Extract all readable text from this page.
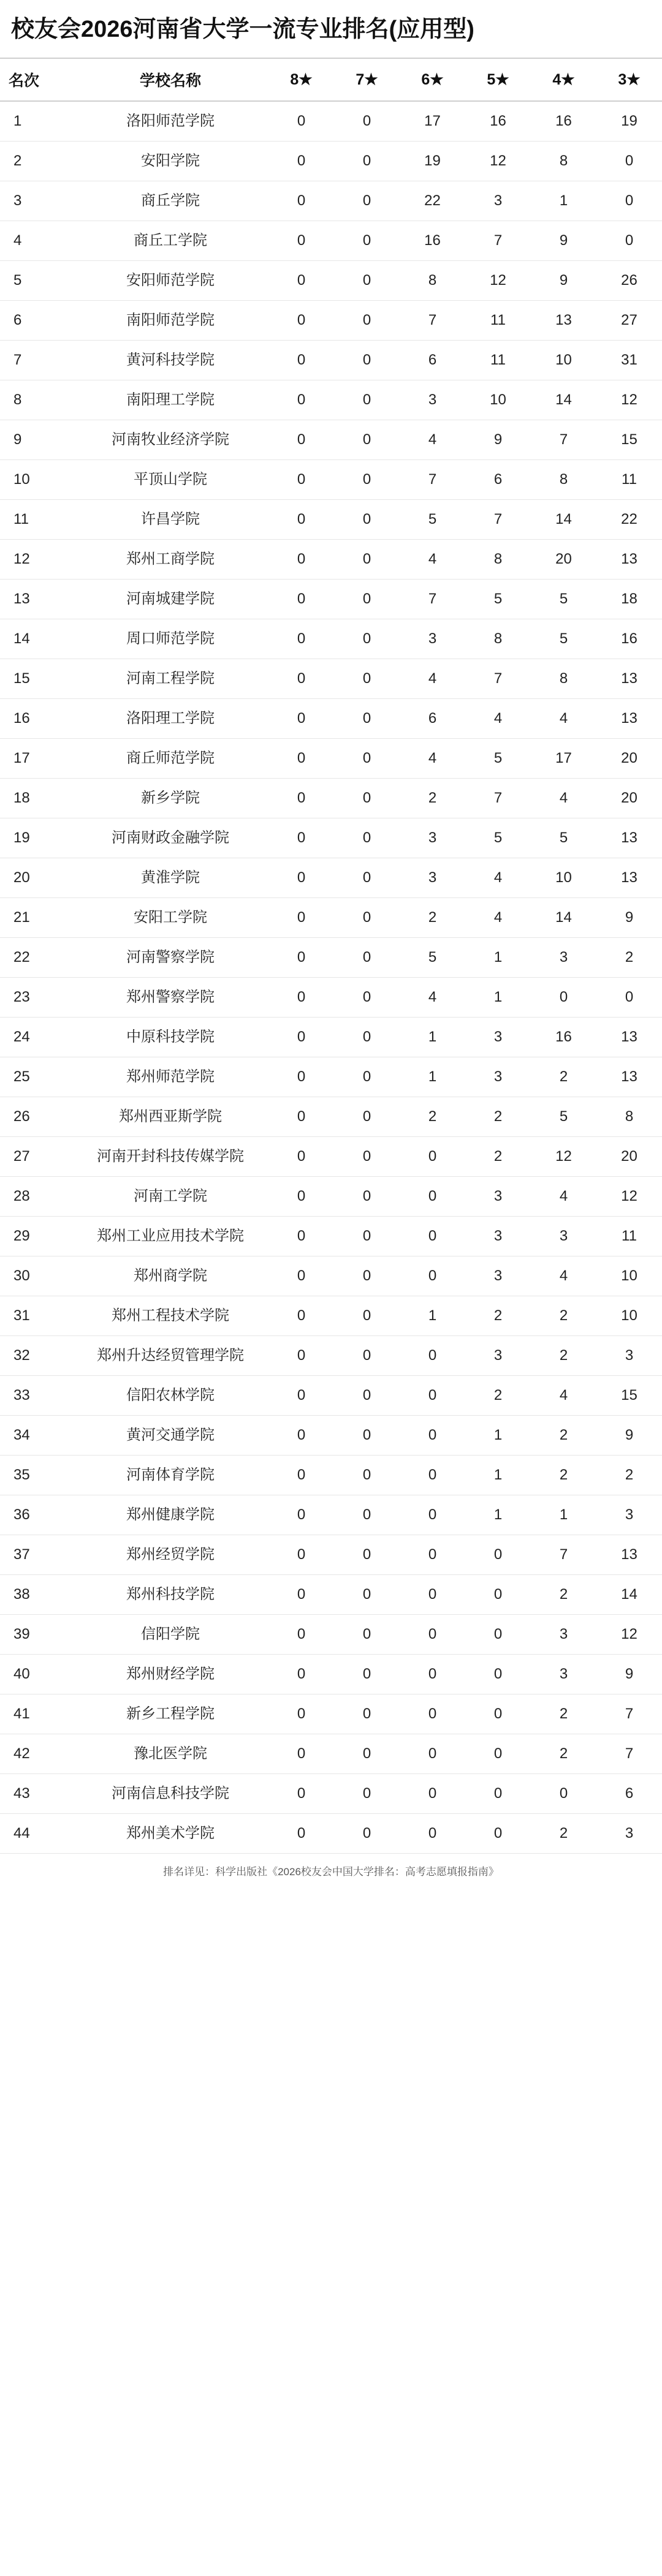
校友会2026河南省大学一流专业排名(应用型)
名次	学校名称	8★	7★	6★	5★	4★	3★
1	洛阳师范学院	0	0	17	16	16	19
2	安阳学院	0	0	19	12	8	0
3	商丘学院	0	0	22	3	1	0
4	商丘工学院	0	0	16	7	9	0
5	安阳师范学院	0	0	8	12	9	26
6	南阳师范学院	0	0	7	11	13	27
7	黄河科技学院	0	0	6	11	10	31
8	南阳理工学院	0	0	3	10	14	12
9	河南牧业经济学院	0	0	4	9	7	15
10	平顶山学院	0	0	7	6	8	11
11	许昌学院	0	0	5	7	14	22
12	郑州工商学院	0	0	4	8	20	13
13	河南城建学院	0	0	7	5	5	18
14	周口师范学院	0	0	3	8	5	16
15	河南工程学院	0	0	4	7	8	13
16	洛阳理工学院	0	0	6	4	4	13
17	商丘师范学院	0	0	4	5	17	20
18	新乡学院	0	0	2	7	4	20
19	河南财政金融学院	0	0	3	5	5	13
20	黄淮学院	0	0	3	4	10	13
21	安阳工学院	0	0	2	4	14	9
22	河南警察学院	0	0	5	1	3	2
23	郑州警察学院	0	0	4	1	0	0
24	中原科技学院	0	0	1	3	16	13
25	郑州师范学院	0	0	1	3	2	13
26	郑州西亚斯学院	0	0	2	2	5	8
27	河南开封科技传媒学院	0	0	0	2	12	20
28	河南工学院	0	0	0	3	4	12
29	郑州工业应用技术学院	0	0	0	3	3	11
30	郑州商学院	0	0	0	3	4	10
31	郑州工程技术学院	0	0	1	2	2	10
32	郑州升达经贸管理学院	0	0	0	3	2	3
33	信阳农林学院	0	0	0	2	4	15
34	黄河交通学院	0	0	0	1	2	9
35	河南体育学院	0	0	0	1	2	2
36	郑州健康学院	0	0	0	1	1	3
37	郑州经贸学院	0	0	0	0	7	13
38	郑州科技学院	0	0	0	0	2	14
39	信阳学院	0	0	0	0	3	12
40	郑州财经学院	0	0	0	0	3	9
41	新乡工程学院	0	0	0	0	2	7
42	豫北医学院	0	0	0	0	2	7
43	河南信息科技学院	0	0	0	0	0	6
44	郑州美术学院	0	0	0	0	2	3
排名详见：科学出版社《2026校友会中国大学排名：高考志愿填报指南》
